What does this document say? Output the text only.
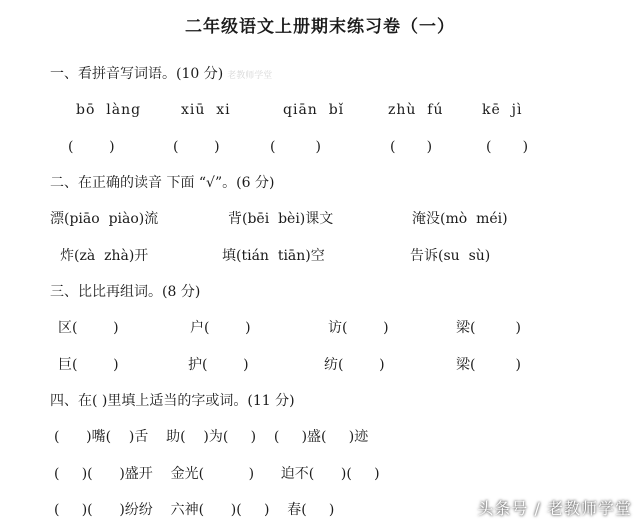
二年级语文上册期末练习卷（一）
一、看拼音写词语。(10 分) 老教师学堂
bō  làng	xiū  xi	qiān  bǐ	zhù  fú	kē  jì
(        )	(        )	(         )	(       )	(       )
二、在正确的读音 下面 “√”。(6 分)
漂(piāo  piào)流	背(bēi  bèi)课文	淹没(mò  méi)
炸(zà  zhà)开	填(tián  tiān)空	告诉(su  sù)
三、比比再组词。(8 分)
区(        )	户(        )	访(        )	梁(         )
巨(        )	护(        )	纺(        )	梁(         )
四、在( )里填上适当的字或词。(11 分)
(      )嘴(    )舌    助(    )为(     )    (     )盛(     )迹
(     )(      )盛开    金光(          )      迫不(      )(     )
(     )(      )纷纷    六神(      )(     )    春(     )	头条号 / 老教师学堂
